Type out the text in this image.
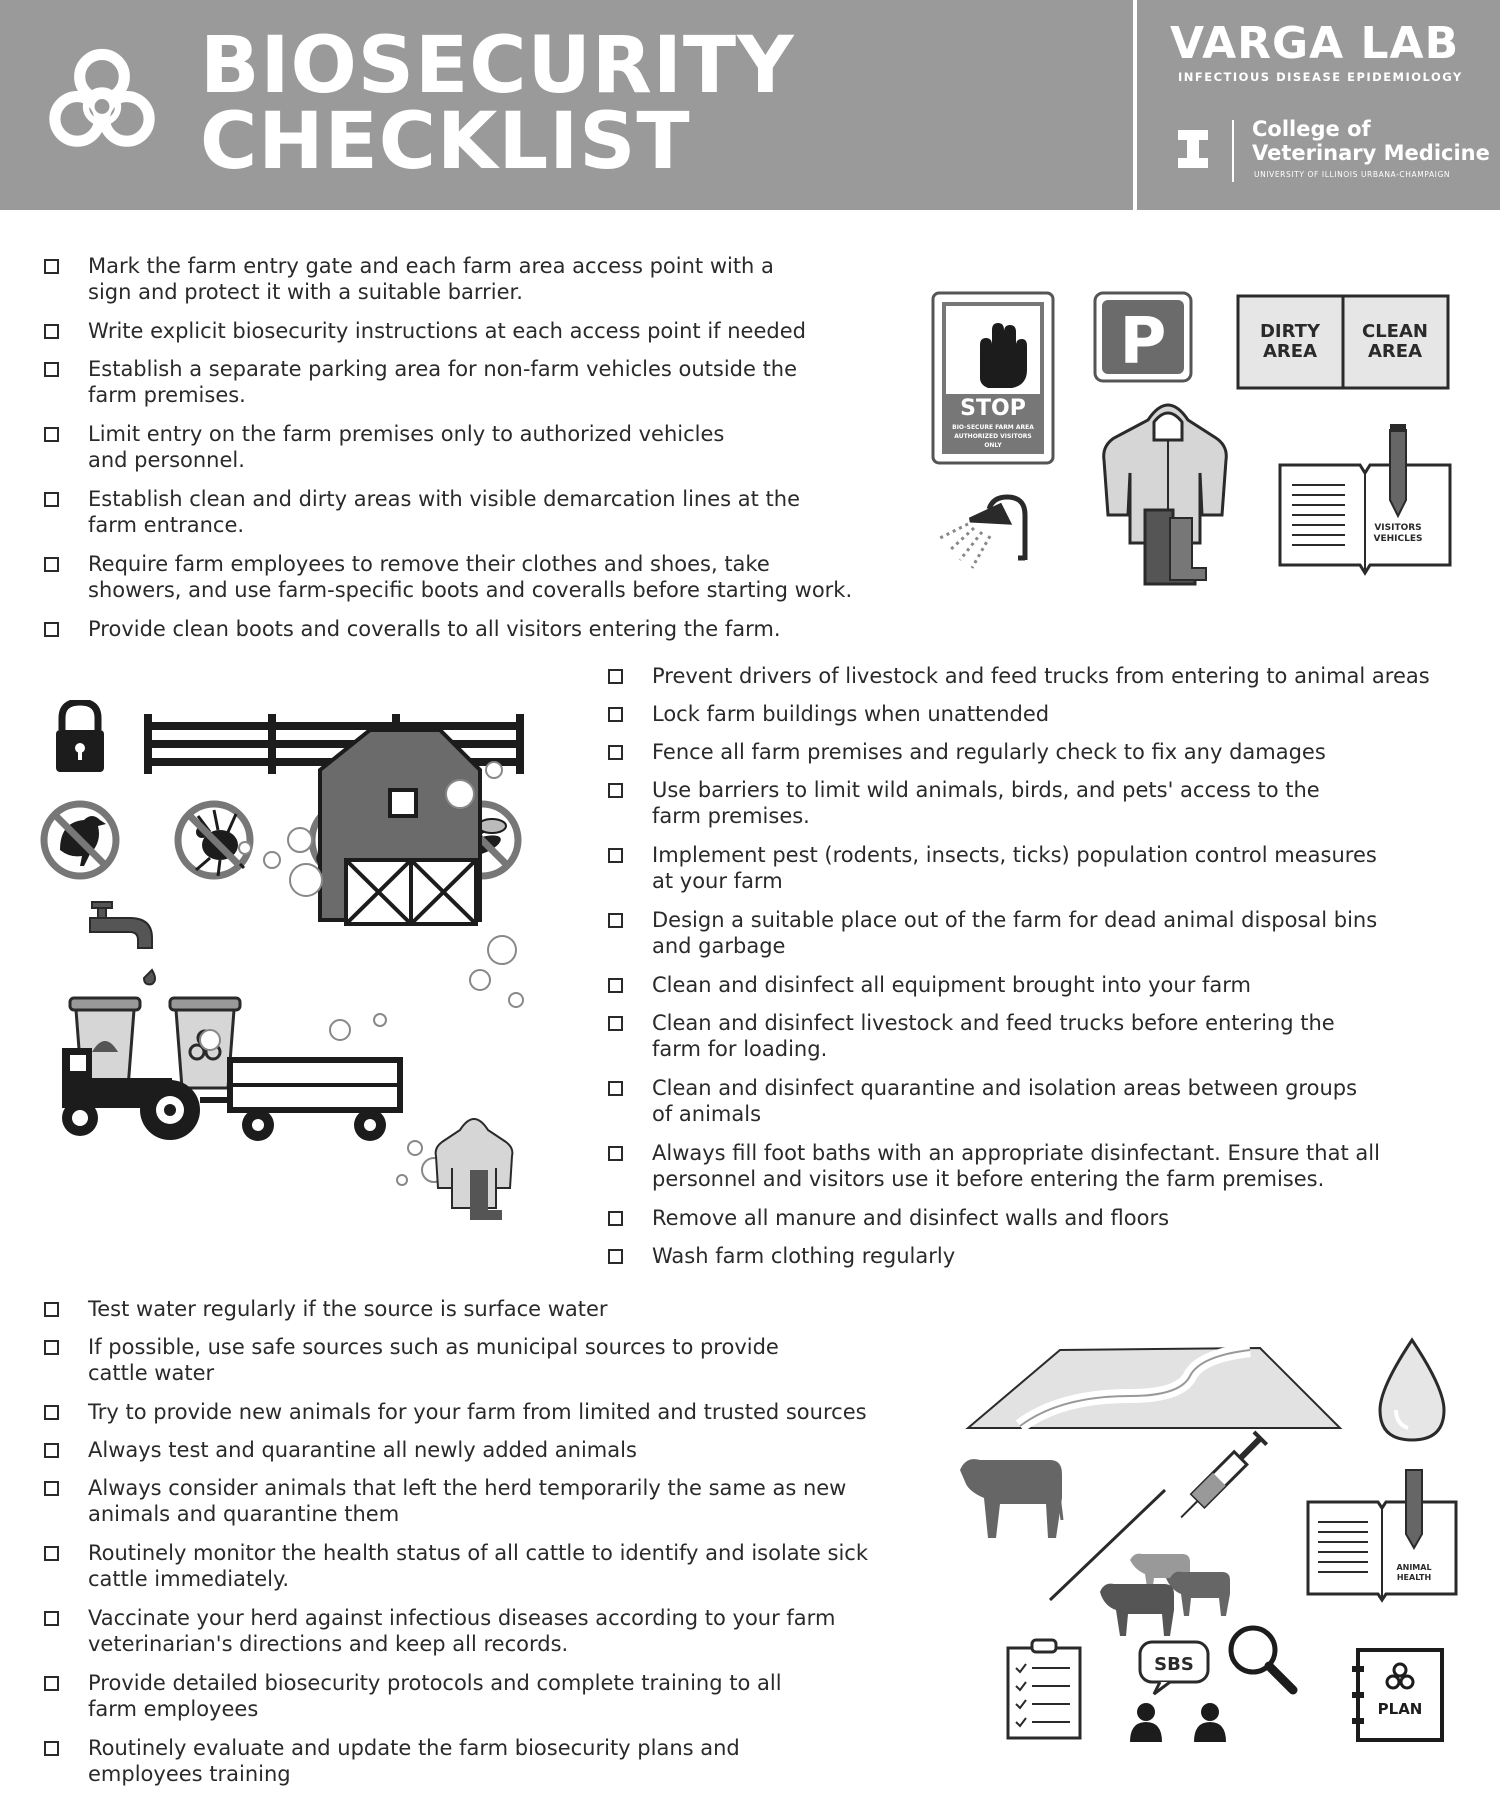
BIOSECURITY
CHECKLIST
VARGA LAB
INFECTIOUS DISEASE EPIDEMIOLOGY
College of
Veterinary Medicine
UNIVERSITY OF ILLINOIS URBANA-CHAMPAIGN
Mark the farm entry gate and each farm area access point with a
sign and protect it with a suitable barrier.
Write explicit biosecurity instructions at each access point if needed
Establish a separate parking area for non-farm vehicles outside the
farm premises.
Limit entry on the farm premises only to authorized vehicles
and personnel.
Establish clean and dirty areas with visible demarcation lines at the
farm entrance.
Require farm employees to remove their clothes and shoes, take
showers, and use farm-specific boots and coveralls before starting work.
Provide clean boots and coveralls to all visitors entering the farm.
STOP
BIO-SECURE FARM AREA
AUTHORIZED VISITORS
ONLY
P	DIRTY
AREA
CLEAN
AREA
VISITORS
VEHICLES
Prevent drivers of livestock and feed trucks from entering to animal areas
Lock farm buildings when unattended
Fence all farm premises and regularly check to fix any damages
Use barriers to limit wild animals, birds, and pets' access to the
farm premises.
Implement pest (rodents, insects, ticks) population control measures
at your farm
Design a suitable place out of the farm for dead animal disposal bins
and garbage
Clean and disinfect all equipment brought into your farm
Clean and disinfect livestock and feed trucks before entering the
farm for loading.
Clean and disinfect quarantine and isolation areas between groups
of animals
Always fill foot baths with an appropriate disinfectant. Ensure that all
personnel and visitors use it before entering the farm premises.
Remove all manure and disinfect walls and floors
Wash farm clothing regularly
Test water regularly if the source is surface water
If possible, use safe sources such as municipal sources to provide
cattle water
Try to provide new animals for your farm from limited and trusted sources
Always test and quarantine all newly added animals
Always consider animals that left the herd temporarily the same as new
animals and quarantine them
Routinely monitor the health status of all cattle to identify and isolate sick
cattle immediately.
Vaccinate your herd against infectious diseases according to your farm
veterinarian's directions and keep all records.
Provide detailed biosecurity protocols and complete training to all
farm employees
Routinely evaluate and update the farm biosecurity plans and
employees training
ANIMAL
HEALTH
SBS
PLAN
